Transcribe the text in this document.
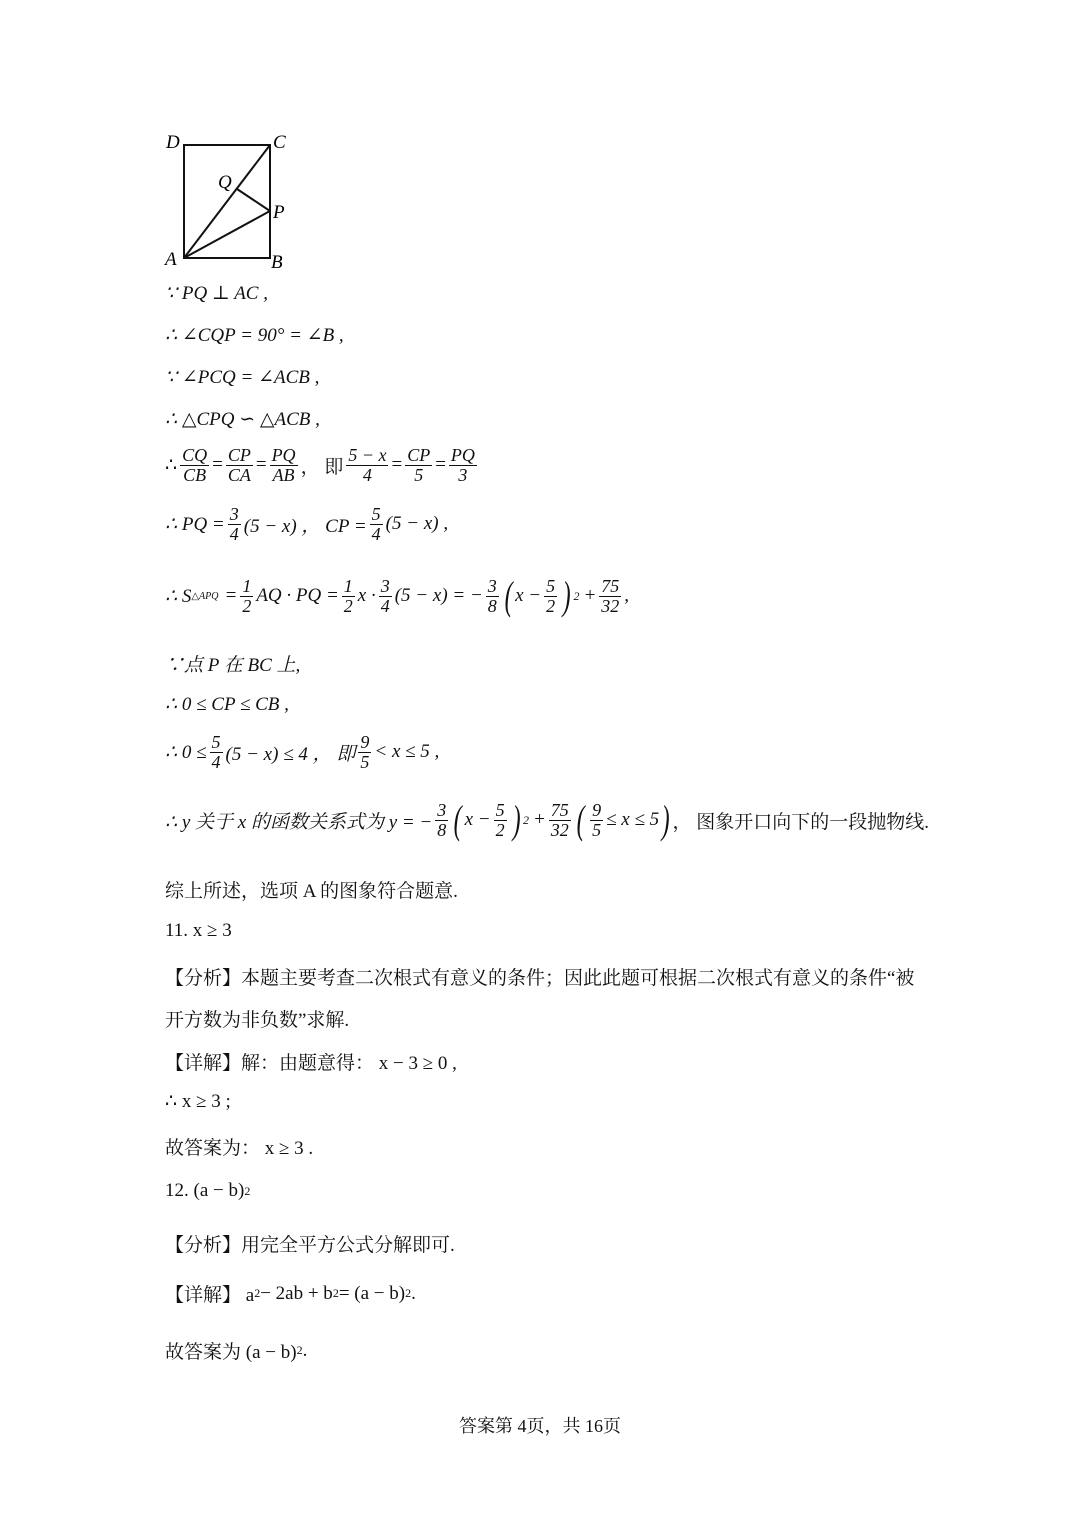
D	C
Q
P
A	B
∵ PQ ⊥ AC ,
∴ ∠CQP = 90° = ∠B ,
∵ ∠PCQ = ∠ACB ,
∴ △CPQ ∽ △ACB ,
∴ $\frac{CQ}{CB} = \frac{CP}{CA} = \frac{PQ}{AB}$ ， 即 $\frac{5 - x}{4} = \frac{CP}{5} = \frac{PQ}{3}$
∴ PQ = $\frac{3}{4} (5 - x)$ ， CP = $\frac{5}{4} (5 - x)$ ,
∴ S △APQ = $\frac{1}{2}$ AQ · PQ = $\frac{1}{2}$ $x \cdot \frac{3}{4} (5 - x)$ = − $\frac{3}{8}$ ( $x - \frac{5}{2}$ ) $2 + \frac{75}{32}$ ,
∵点 P 在 BC 上,
∴ 0 ≤ CP ≤ CB ,
∴ $0 \le \frac{5}{4} (5 - x) \le 4$ ， 即 $\frac{9}{5} < x \le 5$ ,
∴ y 关于 x 的函数关系式为 y = − $\frac{3}{8}$ ( $x - \frac{5}{2}$ ) $2 + \frac{75}{32}$ ( $\frac{9}{5} \le x \le 5$ ) ， 图象开口向下的一段抛物线.
综上所述，选项 A 的图象符合题意.
11. x ≥ 3
【分析】本题主要考查二次根式有意义的条件；因此此题可根据二次根式有意义的条件“被
开方数为非负数”求解.
【详解】解：由题意得： x − 3 ≥ 0 ,
∴ x ≥ 3 ;
故答案为： x ≥ 3 .
12. (a − b) 2
【分析】用完全平方公式分解即可.
【详解】 a 2 − 2ab + b 2 = (a − b) 2 .
故答案为 (a − b) 2 .
答案第 4页，共 16页
